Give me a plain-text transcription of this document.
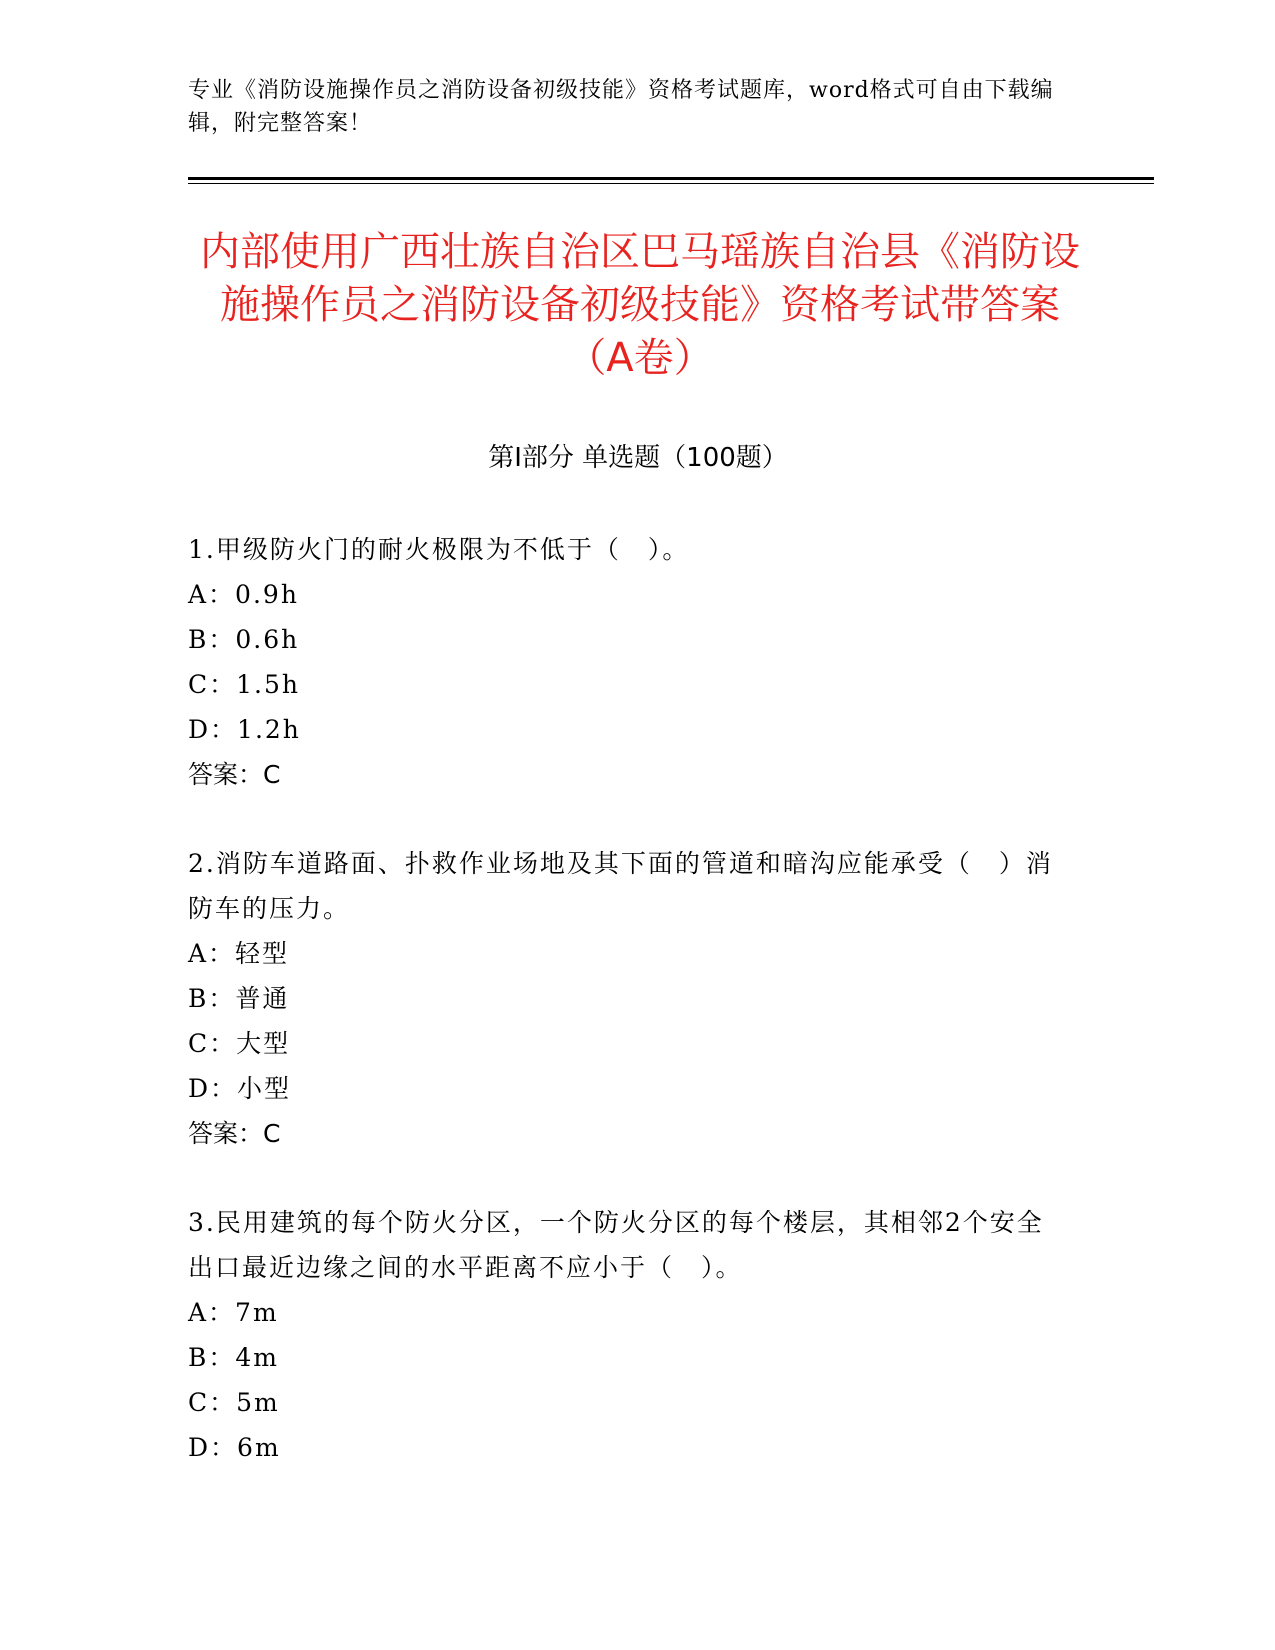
专业《消防设施操作员之消防设备初级技能》资格考试题库，word格式可自由下载编辑，附完整答案！
内部使用广西壮族自治区巴马瑶族自治县《消防设施操作员之消防设备初级技能》资格考试带答案（A卷）
第Ⅰ部分 单选题（100题）

1.甲级防火门的耐火极限为不低于（　）。

A：0.9h

B：0.6h

C：1.5h

D：1.2h

答案：C

2.消防车道路面、扑救作业场地及其下面的管道和暗沟应能承受（　）消防车的压力。

A：轻型

B：普通

C：大型

D：小型

答案：C

3.民用建筑的每个防火分区，一个防火分区的每个楼层，其相邻2个安全出口最近边缘之间的水平距离不应小于（　）。

A：7m

B：4m

C：5m

D：6m
